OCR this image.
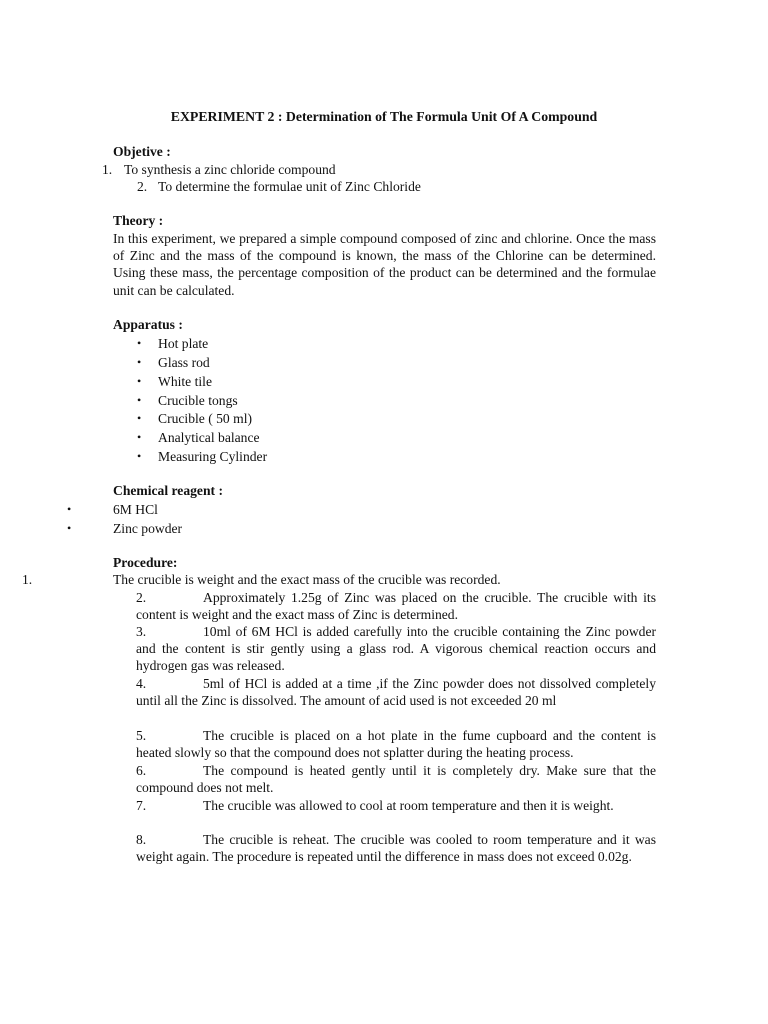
EXPERIMENT 2 : Determination of The Formula Unit Of A Compound
Objetive :
1. To synthesis a zinc chloride compound
2. To determine the formulae unit of Zinc Chloride
Theory :
In this experiment, we prepared a simple compound composed of zinc and chlorine. Once the mass of Zinc and the mass of the compound is known, the mass of the Chlorine can be determined. Using these mass, the percentage composition of the product can be determined and the formulae unit can be calculated.
Apparatus :
• Hot plate
• Glass rod
• White tile
• Crucible tongs
• Crucible ( 50 ml)
• Analytical balance
• Measuring Cylinder
Chemical reagent :
•	6M HCl
•	Zinc powder
Procedure:
1.	The crucible is weight and the exact mass of the crucible was recorded.
2.	Approximately 1.25g of Zinc was placed on the crucible. The crucible with its content is weight and the exact mass of Zinc is determined.
3.	10ml of 6M HCl is added carefully into the crucible containing the Zinc powder and the content is stir gently using a glass rod. A vigorous chemical reaction occurs and hydrogen gas was released.
4.	5ml of HCl is added at a time ,if the Zinc powder does not dissolved completely until all the Zinc is dissolved. The amount of acid used is not exceeded 20 ml
5.	The crucible is placed on a hot plate in the fume cupboard and the content is heated slowly so that the compound does not splatter during the heating process.
6.	The compound is heated gently until it is completely dry. Make sure that the compound does not melt.
7.	The crucible was allowed to cool at room temperature and then it is weight.
8.	The crucible is reheat. The crucible was cooled to room temperature and it was weight again. The procedure is repeated until the difference in mass does not exceed 0.02g.
